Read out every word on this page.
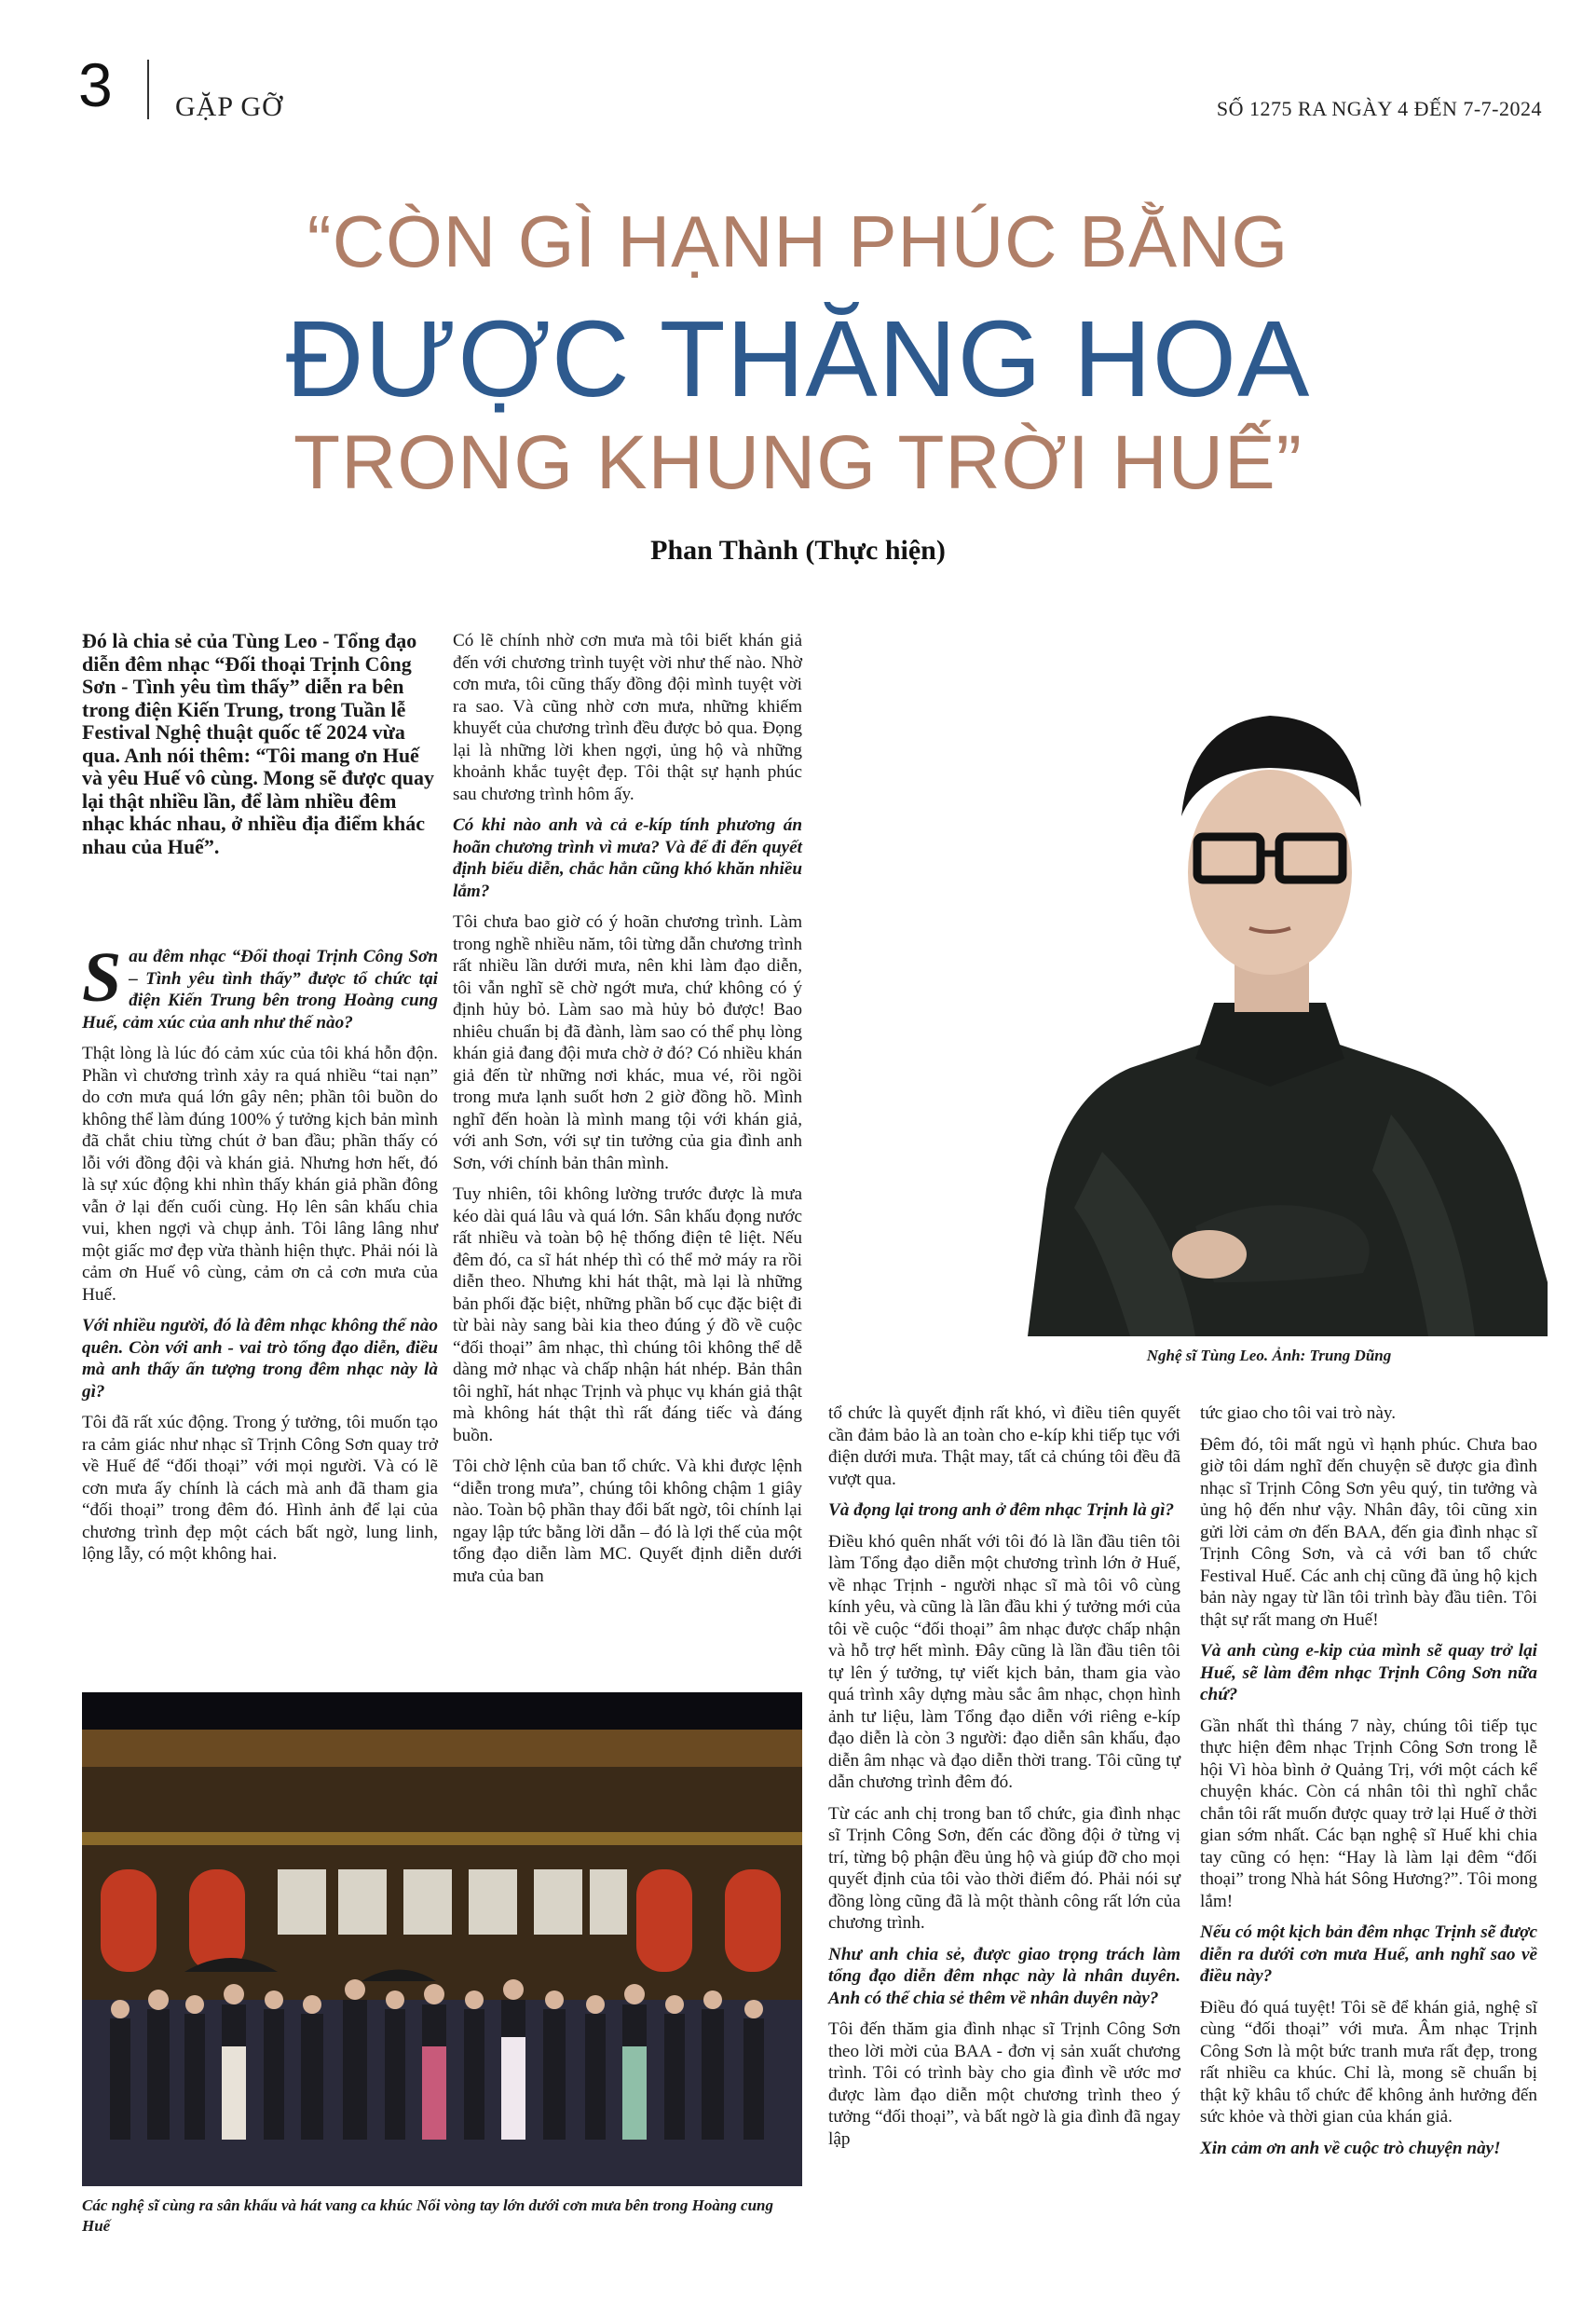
3 GẶP GỠ	SỐ 1275 RA NGÀY 4 ĐẾN 7-7-2024
“CÒN GÌ HẠNH PHÚC BẰNG
ĐƯỢC THĂNG HOA
TRONG KHUNG TRỜI HUẾ”
Phan Thành (Thực hiện)

Đó là chia sẻ của Tùng Leo - Tổng đạo diễn đêm nhạc “Đối thoại Trịnh Công Sơn - Tình yêu tìm thấy” diễn ra bên trong điện Kiến Trung, trong Tuần lễ Festival Nghệ thuật quốc tế 2024 vừa qua. Anh nói thêm: “Tôi mang ơn Huế và yêu Huế vô cùng. Mong sẽ được quay lại thật nhiều lần, để làm nhiều đêm nhạc khác nhau, ở nhiều địa điểm khác nhau của Huế”.

Sau đêm nhạc “Đối thoại Trịnh Công Sơn – Tình yêu tình thấy” được tổ chức tại điện Kiến Trung bên trong Hoàng cung Huế, cảm xúc của anh như thế nào?

Thật lòng là lúc đó cảm xúc của tôi khá hỗn độn. Phần vì chương trình xảy ra quá nhiều “tai nạn” do cơn mưa quá lớn gây nên; phần tôi buồn do không thể làm đúng 100% ý tưởng kịch bản mình đã chắt chiu từng chút ở ban đầu; phần thấy có lỗi với đồng đội và khán giả. Nhưng hơn hết, đó là sự xúc động khi nhìn thấy khán giả phần đông vẫn ở lại đến cuối cùng. Họ lên sân khấu chia vui, khen ngợi và chụp ảnh. Tôi lâng lâng như một giấc mơ đẹp vừa thành hiện thực. Phải nói là cảm ơn Huế vô cùng, cảm ơn cả cơn mưa của Huế.

Với nhiều người, đó là đêm nhạc không thể nào quên. Còn với anh - vai trò tổng đạo diễn, điều mà anh thấy ấn tượng trong đêm nhạc này là gì?

Tôi đã rất xúc động. Trong ý tưởng, tôi muốn tạo ra cảm giác như nhạc sĩ Trịnh Công Sơn quay trở về Huế để “đối thoại” với mọi người. Và có lẽ cơn mưa ấy chính là cách mà anh đã tham gia “đối thoại” trong đêm đó. Hình ảnh để lại của chương trình đẹp một cách bất ngờ, lung linh, lộng lẫy, có một không hai.

Có lẽ chính nhờ cơn mưa mà tôi biết khán giả đến với chương trình tuyệt vời như thế nào. Nhờ cơn mưa, tôi cũng thấy đồng đội mình tuyệt vời ra sao. Và cũng nhờ cơn mưa, những khiếm khuyết của chương trình đều được bỏ qua. Đọng lại là những lời khen ngợi, ủng hộ và những khoảnh khắc tuyệt đẹp. Tôi thật sự hạnh phúc sau chương trình hôm ấy.

Có khi nào anh và cả e-kíp tính phương án hoãn chương trình vì mưa? Và để đi đến quyết định biểu diễn, chắc hẳn cũng khó khăn nhiều lắm?

Tôi chưa bao giờ có ý hoãn chương trình. Làm trong nghề nhiều năm, tôi từng dẫn chương trình rất nhiều lần dưới mưa, nên khi làm đạo diễn, tôi vẫn nghĩ sẽ chờ ngớt mưa, chứ không có ý định hủy bỏ. Làm sao mà hủy bỏ được! Bao nhiêu chuẩn bị đã đành, làm sao có thể phụ lòng khán giả đang đội mưa chờ ở đó? Có nhiều khán giả đến từ những nơi khác, mua vé, rồi ngồi trong mưa lạnh suốt hơn 2 giờ đồng hồ. Mình nghĩ đến hoàn là mình mang tội với khán giả, với anh Sơn, với sự tin tưởng của gia đình anh Sơn, với chính bản thân mình.

Tuy nhiên, tôi không lường trước được là mưa kéo dài quá lâu và quá lớn. Sân khấu đọng nước rất nhiều và toàn bộ hệ thống điện tê liệt. Nếu đêm đó, ca sĩ hát nhép thì có thể mở máy ra rồi diễn theo. Nhưng khi hát thật, mà lại là những bản phối đặc biệt, những phần bố cục đặc biệt đi từ bài này sang bài kia theo đúng ý đồ về cuộc “đối thoại” âm nhạc, thì chúng tôi không thể dễ dàng mở nhạc và chấp nhận hát nhép. Bản thân tôi nghĩ, hát nhạc Trịnh và phục vụ khán giả thật mà không hát thật thì rất đáng tiếc và đáng buồn.

Tôi chờ lệnh của ban tổ chức. Và khi được lệnh “diễn trong mưa”, chúng tôi không chậm 1 giây nào. Toàn bộ phần thay đổi bất ngờ, tôi chính lại ngay lập tức bằng lời dẫn – đó là lợi thế của một tổng đạo diễn làm MC. Quyết định diễn dưới mưa của ban

Nghệ sĩ Tùng Leo. Ảnh: Trung Dũng
Các nghệ sĩ cùng ra sân khấu và hát vang ca khúc Nối vòng tay lớn dưới cơn mưa bên trong Hoàng cung Huế

tổ chức là quyết định rất khó, vì điều tiên quyết cần đảm bảo là an toàn cho e-kíp khi tiếp tục với điện dưới mưa. Thật may, tất cả chúng tôi đều đã vượt qua.

Và đọng lại trong anh ở đêm nhạc Trịnh là gì?

Điều khó quên nhất với tôi đó là lần đầu tiên tôi làm Tổng đạo diễn một chương trình lớn ở Huế, về nhạc Trịnh - người nhạc sĩ mà tôi vô cùng kính yêu, và cũng là lần đầu khi ý tưởng mới của tôi về cuộc “đối thoại” âm nhạc được chấp nhận và hỗ trợ hết mình. Đây cũng là lần đầu tiên tôi tự lên ý tưởng, tự viết kịch bản, tham gia vào quá trình xây dựng màu sắc âm nhạc, chọn hình ảnh tư liệu, làm Tổng đạo diễn với riêng e-kíp đạo diễn là còn 3 người: đạo diễn sân khấu, đạo diễn âm nhạc và đạo diễn thời trang. Tôi cũng tự dẫn chương trình đêm đó.

Từ các anh chị trong ban tổ chức, gia đình nhạc sĩ Trịnh Công Sơn, đến các đồng đội ở từng vị trí, từng bộ phận đều ủng hộ và giúp đỡ cho mọi quyết định của tôi vào thời điểm đó. Phải nói sự đồng lòng cũng đã là một thành công rất lớn của chương trình.

Như anh chia sẻ, được giao trọng trách làm tổng đạo diễn đêm nhạc này là nhân duyên. Anh có thể chia sẻ thêm về nhân duyên này?

Tôi đến thăm gia đình nhạc sĩ Trịnh Công Sơn theo lời mời của BAA - đơn vị sản xuất chương trình. Tôi có trình bày cho gia đình về ước mơ được làm đạo diễn một chương trình theo ý tưởng “đối thoại”, và bất ngờ là gia đình đã ngay lập

tức giao cho tôi vai trò này.

Đêm đó, tôi mất ngủ vì hạnh phúc. Chưa bao giờ tôi dám nghĩ đến chuyện sẽ được gia đình nhạc sĩ Trịnh Công Sơn yêu quý, tin tưởng và ủng hộ đến như vậy. Nhân đây, tôi cũng xin gửi lời cảm ơn đến BAA, đến gia đình nhạc sĩ Trịnh Công Sơn, và cả với ban tổ chức Festival Huế. Các anh chị cũng đã ủng hộ kịch bản này ngay từ lần tôi trình bày đầu tiên. Tôi thật sự rất mang ơn Huế!

Và anh cùng e-kip của mình sẽ quay trở lại Huế, sẽ làm đêm nhạc Trịnh Công Sơn nữa chứ?

Gần nhất thì tháng 7 này, chúng tôi tiếp tục thực hiện đêm nhạc Trịnh Công Sơn trong lễ hội Vì hòa bình ở Quảng Trị, với một cách kể chuyện khác. Còn cá nhân tôi thì nghĩ chắc chắn tôi rất muốn được quay trở lại Huế ở thời gian sớm nhất. Các bạn nghệ sĩ Huế khi chia tay cũng có hẹn: “Hay là làm lại đêm “đối thoại” trong Nhà hát Sông Hương?”. Tôi mong lắm!

Nếu có một kịch bản đêm nhạc Trịnh sẽ được diễn ra dưới cơn mưa Huế, anh nghĩ sao về điều này?

Điều đó quá tuyệt! Tôi sẽ để khán giả, nghệ sĩ cùng “đối thoại” với mưa. Âm nhạc Trịnh Công Sơn là một bức tranh mưa rất đẹp, trong rất nhiều ca khúc. Chỉ là, mong sẽ chuẩn bị thật kỹ khâu tổ chức để không ảnh hưởng đến sức khỏe và thời gian của khán giả.

Xin cảm ơn anh về cuộc trò chuyện này!
